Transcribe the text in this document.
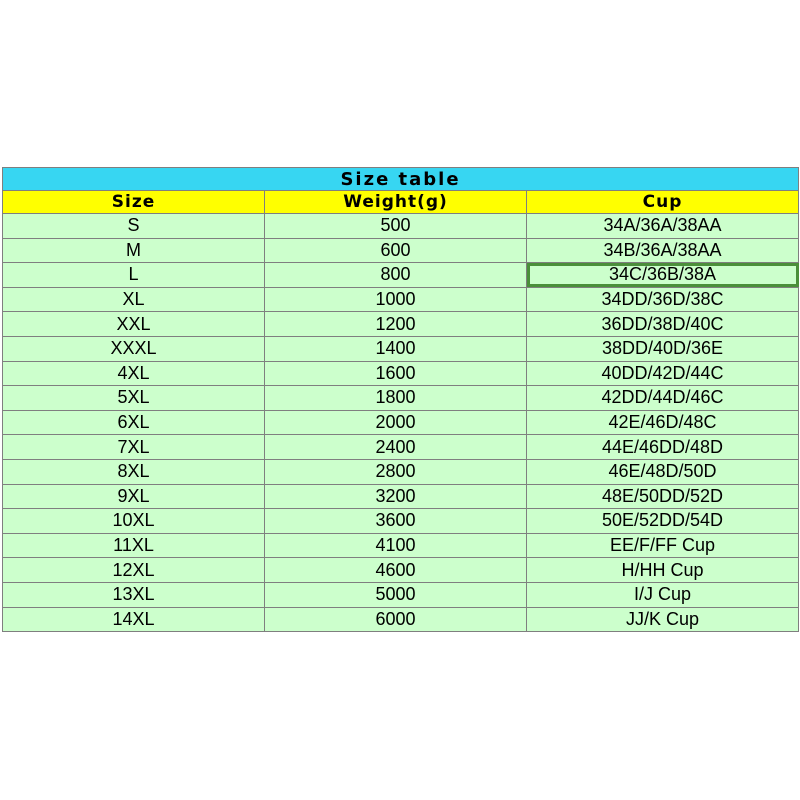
Size table		
Size	Weight(g)	Cup
S	500	34A/36A/38AA
M	600	34B/36A/38AA
L	800	34C/36B/38A
XL	1000	34DD/36D/38C
XXL	1200	36DD/38D/40C
XXXL	1400	38DD/40D/36E
4XL	1600	40DD/42D/44C
5XL	1800	42DD/44D/46C
6XL	2000	42E/46D/48C
7XL	2400	44E/46DD/48D
8XL	2800	46E/48D/50D
9XL	3200	48E/50DD/52D
10XL	3600	50E/52DD/54D
11XL	4100	EE/F/FF Cup
12XL	4600	H/HH Cup
13XL	5000	I/J Cup
14XL	6000	JJ/K Cup
